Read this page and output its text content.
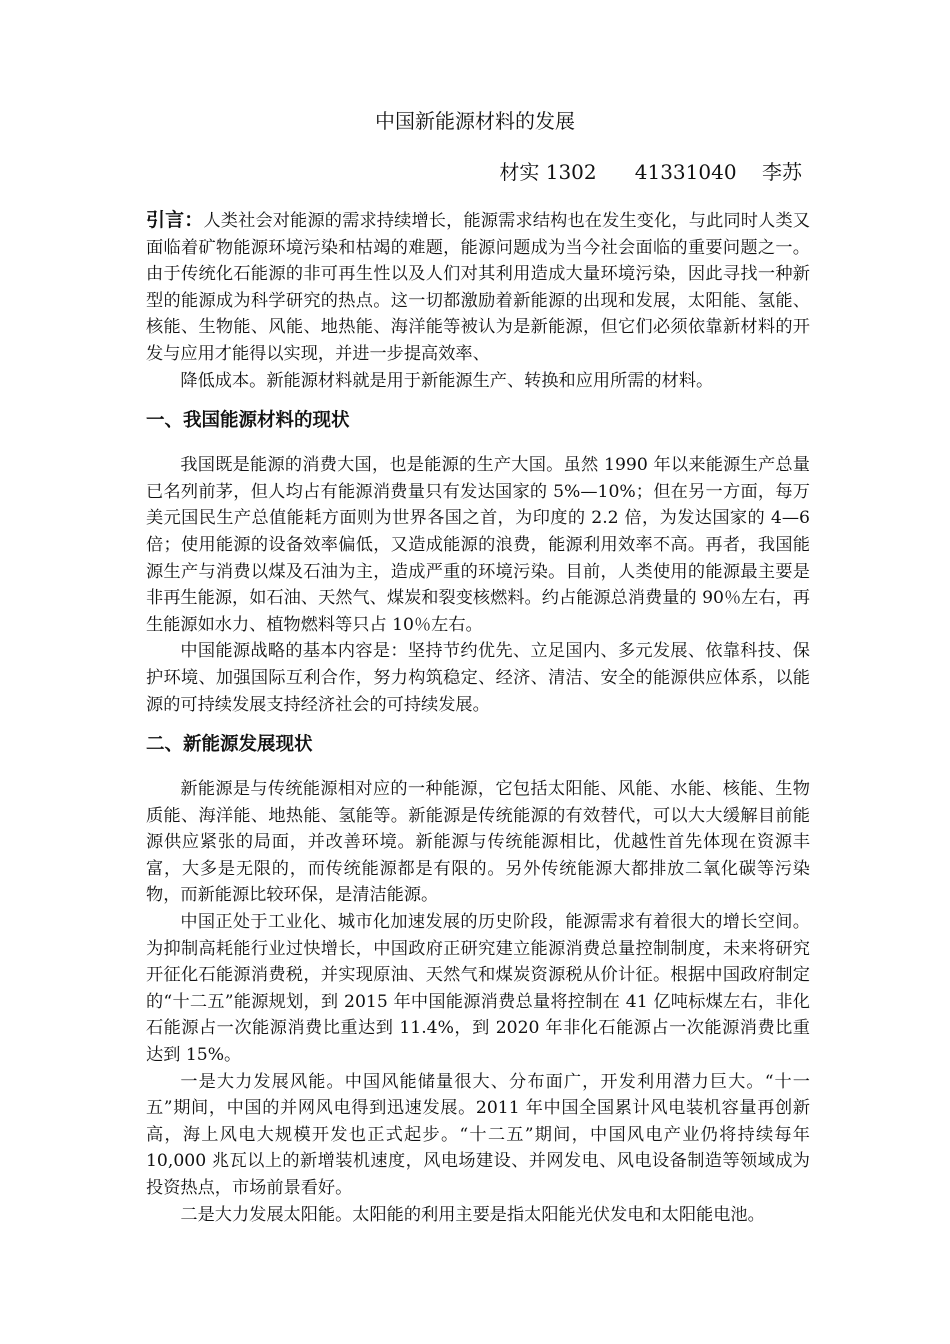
中国新能源材料的发展
材实 1302      41331040    李苏

引言：人类社会对能源的需求持续增长，能源需求结构也在发生变化，与此同时人类又面临着矿物能源环境污染和枯竭的难题，能源问题成为当今社会面临的重要问题之一。由于传统化石能源的非可再生性以及人们对其利用造成大量环境污染，因此寻找一种新型的能源成为科学研究的热点。这一切都激励着新能源的出现和发展，太阳能、氢能、核能、生物能、风能、地热能、海洋能等被认为是新能源，但它们必须依靠新材料的开发与应用才能得以实现，并进一步提高效率、

降低成本。新能源材料就是用于新能源生产、转换和应用所需的材料。

一、我国能源材料的现状

我国既是能源的消费大国，也是能源的生产大国。虽然 1990 年以来能源生产总量已名列前茅，但人均占有能源消费量只有发达国家的 5%—10%；但在另一方面，每万美元国民生产总值能耗方面则为世界各国之首，为印度的 2.2 倍，为发达国家的 4—6 倍；使用能源的设备效率偏低，又造成能源的浪费，能源利用效率不高。再者，我国能源生产与消费以煤及石油为主，造成严重的环境污染。目前，人类使用的能源最主要是非再生能源，如石油、天然气、煤炭和裂变核燃料。约占能源总消费量的 90％左右，再生能源如水力、植物燃料等只占 10％左右。

中国能源战略的基本内容是：坚持节约优先、立足国内、多元发展、依靠科技、保护环境、加强国际互利合作，努力构筑稳定、经济、清洁、安全的能源供应体系，以能源的可持续发展支持经济社会的可持续发展。

二、新能源发展现状

新能源是与传统能源相对应的一种能源，它包括太阳能、风能、水能、核能、生物质能、海洋能、地热能、氢能等。新能源是传统能源的有效替代，可以大大缓解目前能源供应紧张的局面，并改善环境。新能源与传统能源相比，优越性首先体现在资源丰富，大多是无限的，而传统能源都是有限的。另外传统能源大都排放二氧化碳等污染物，而新能源比较环保，是清洁能源。

中国正处于工业化、城市化加速发展的历史阶段，能源需求有着很大的增长空间。为抑制高耗能行业过快增长，中国政府正研究建立能源消费总量控制制度，未来将研究开征化石能源消费税，并实现原油、天然气和煤炭资源税从价计征。根据中国政府制定的“十二五”能源规划，到 2015 年中国能源消费总量将控制在 41 亿吨标煤左右，非化石能源占一次能源消费比重达到 11.4%，到 2020 年非化石能源占一次能源消费比重达到 15%。

一是大力发展风能。中国风能储量很大、分布面广，开发利用潜力巨大。“十一五”期间，中国的并网风电得到迅速发展。2011 年中国全国累计风电装机容量再创新高，海上风电大规模开发也正式起步。“十二五”期间，中国风电产业仍将持续每年 10,000 兆瓦以上的新增装机速度，风电场建设、并网发电、风电设备制造等领域成为投资热点，市场前景看好。

二是大力发展太阳能。太阳能的利用主要是指太阳能光伏发电和太阳能电池。
